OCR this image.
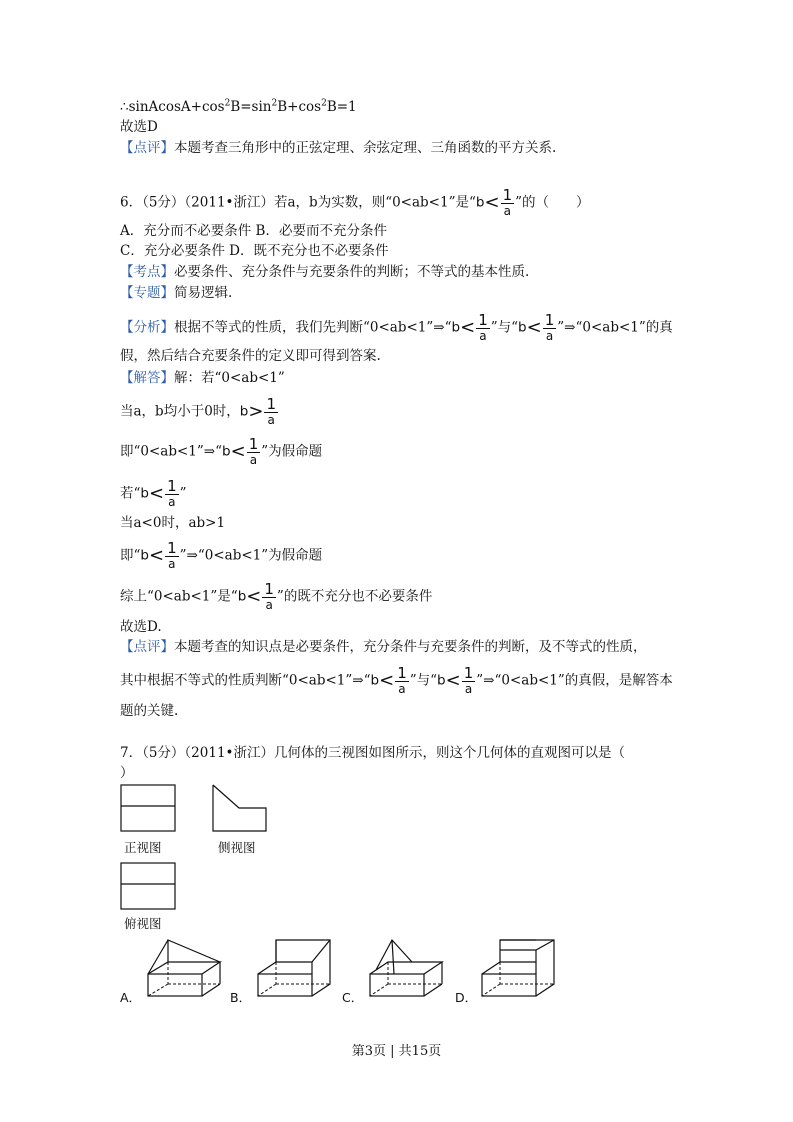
$\therefore sinAcosA+\cos^2B=\sin^2B+\cos^2B=1$
故选D
【点评】本题考查三角形中的正弦定理、余弦定理、三角函数的平方关系.
6．（5分）（2011•浙江）若a，b为实数，则“0<ab<1”是“$b< \frac{1}{a}$ ”的（　　）
A．充分而不必要条件 B．必要而不充分条件
C．充分必要条件 D．既不充分也不必要条件
【考点】必要条件、充分条件与充要条件的判断；不等式的基本性质.
【专题】简易逻辑.
【分析】根据不等式的性质，我们先判断“0<ab<1”⇒“b< $\frac{1}{a}$ ”与“$b< \frac{1}{a}$ ”⇒“0<ab<1”的真
假，然后结合充要条件的定义即可得到答案.
【解答】解：若“0<ab<1”
当a，b均小于0时，$b> \frac{1}{a}$
即“0<ab<1”⇒“b< $\frac{1}{a}$ ”为假命题
若“$b< \frac{1}{a}$ ”
当a<0时，ab>1
即“$b< \frac{1}{a}$ ”⇒“0<ab<1”为假命题
综上“0<ab<1”是“$b< \frac{1}{a}$ ”的既不充分也不必要条件
故选D.
【点评】本题考查的知识点是必要条件，充分条件与充要条件的判断，及不等式的性质，
其中根据不等式的性质判断“0<ab<1”⇒“b< $\frac{1}{a}$ ”与“$b< \frac{1}{a}$ ”⇒“0<ab<1”的真假，是解答本
题的关键.
7．（5分）（2011•浙江）几何体的三视图如图所示，则这个几何体的直观图可以是（
）
正视图	侧视图
俯视图
A．	B．	C．	D．
第3页 | 共15页
